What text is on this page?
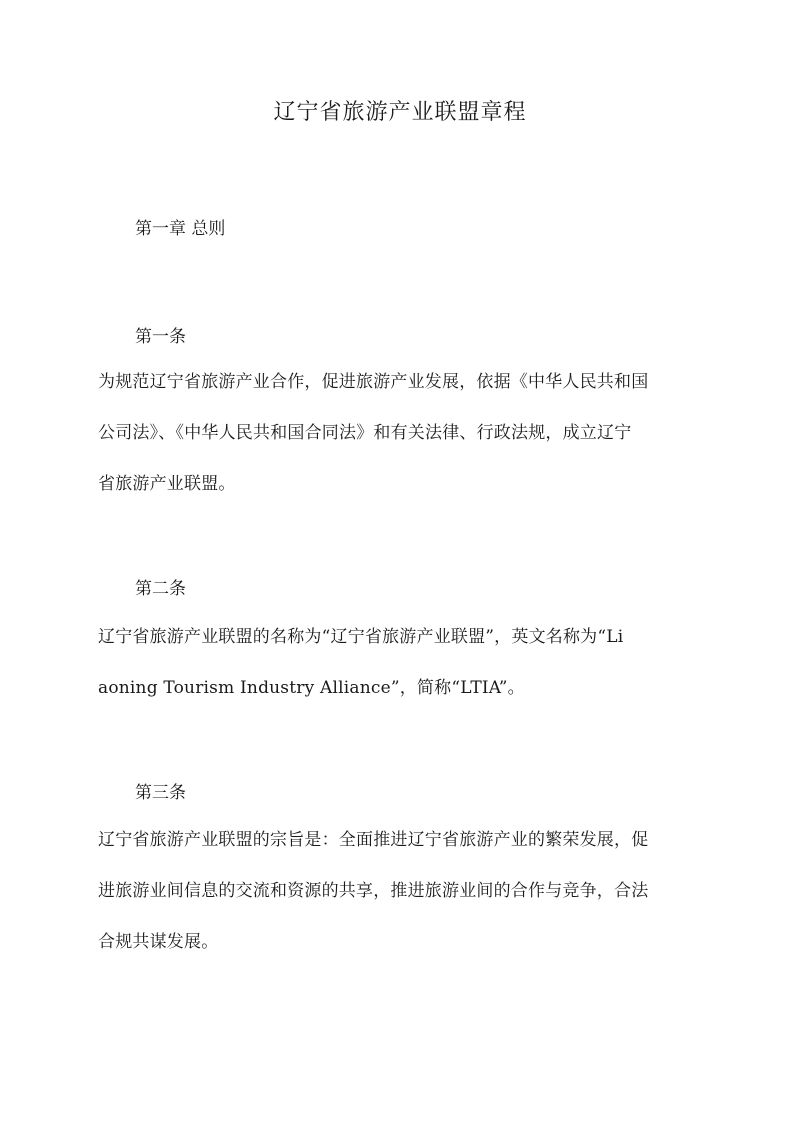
辽宁省旅游产业联盟章程
第一章 总则
第一条

为规范辽宁省旅游产业合作，促进旅游产业发展，依据《中华人民共和国
公司法》、《中华人民共和国合同法》和有关法律、行政法规，成立辽宁
省旅游产业联盟。

第二条

辽宁省旅游产业联盟的名称为“辽宁省旅游产业联盟”，英文名称为“Li
aoning Tourism Industry Alliance”，简称“LTIA”。

第三条

辽宁省旅游产业联盟的宗旨是：全面推进辽宁省旅游产业的繁荣发展，促
进旅游业间信息的交流和资源的共享，推进旅游业间的合作与竞争，合法
合规共谋发展。
